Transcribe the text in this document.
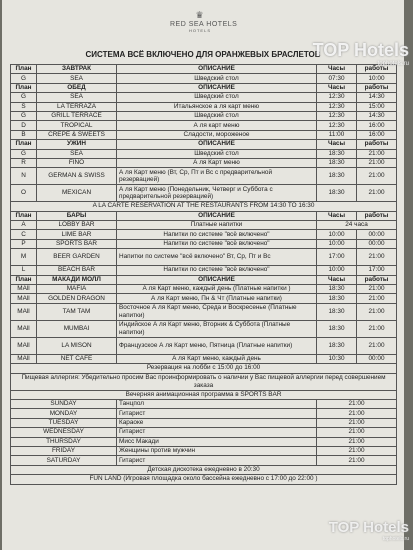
♛
RED SEA HOTELS
HOTELS
СИСТЕМА ВСЁ ВКЛЮЧЕНО ДЛЯ ОРАНЖЕВЫХ БРАСЛЕТОВ
План	ЗАВТРАК	ОПИСАНИЕ	Часы	работы
G	SEA	Шведский стол	07:30	10:00
План	ОБЕД	ОПИСАНИЕ	Часы	работы
G	SEA	Шведский стол	12:30	14:30
S	LA TERRAZA	Итальянское а ля карт меню	12:30	15:00
G	GRILL TERRACE	Шведский стол	12:30	14:30
D	TROPICAL	А ля карт меню	12:30	16:00
B	CREPE & SWEETS	Сладости, мороженое	11:00	16:00
План	УЖИН	ОПИСАНИЕ	Часы	работы
G	SEA	Шведский стол	18:30	21:00
R	FINO	А ля Карт меню	18:30	21:00
N	GERMAN & SWISS	А ля Карт меню (Вт, Ср, Пт и Вс с предварительной резервацией)	18:30	21:00
O	MEXICAN	А ля Карт меню (Понедельник, Четверг и Суббота с предварительной резервацией)	18:30	21:00
A LA CARTE RESERVATION AT THE RESTAURANTS FROM 14:30 TO 16:30				
План	БАРЫ	ОПИСАНИЕ	Часы	работы
A	LOBBY BAR	Платные напитки	24 часа	
C	LIME BAR	Напитки по системе "всё включено"	10:00	00:00
P	SPORTS BAR	Напитки по системе "всё включено"	10:00	00:00
M	BEER GARDEN	Напитки по системе "всё включено" Вт, Ср, Пт и Вс	17:00	21:00
L	BEACH BAR	Напитки по системе "всё включено"	10:00	17:00
План	МАКАДИ МОЛЛ	ОПИСАНИЕ	Часы	работы
MAll	MAFIA	А ля Карт меню, каждый день (Платные напитки )	18:30	21:00
MAll	GOLDEN DRAGON	А ля Карт меню, Пн & Чт (Платные напитки)	18:30	21:00
MAll	TAM TAM	Восточное А ля Карт меню, Среда и Воскресенье (Платные напитки)	18:30	21:00
MAll	MUMBAI	Индийское А ля Карт меню, Вторник & Суббота (Платные напитки)	18:30	21:00
MAll	LA MISON	Французское А ля Карт меню, Пятница (Платные напитки)	18:30	21:00
MAll	NET CAFE	А ля Карт меню, каждый день	10:30	00:00
Резервация на лобби с 15:00 до 16:00				
Пищевая аллергия: Убедительно просим Вас проинформировать о наличии у Вас пищевой аллергии перед совершением заказа				
Вечерняя анимационная программа в SPORTS BAR				
SUNDAY		Танцпол	21:00	
MONDAY		Гитарист	21:00	
TUESDAY		Караоке	21:00	
WEDNESDAY		Гитарист	21:00	
THURSDAY		Мисс Макади	21:00	
FRIDAY		Женщины против мужчин	21:00	
SATURDAY		Гитарист	21:00	
Детская дискотека ежедневно в 20:30				
FUN LAND (Игровая площадка около бассейна ежедневно с 17:00 до 22:00 )				
TOP Hotels
tophotels.ru
TOP Hotels
tophotels.ru
